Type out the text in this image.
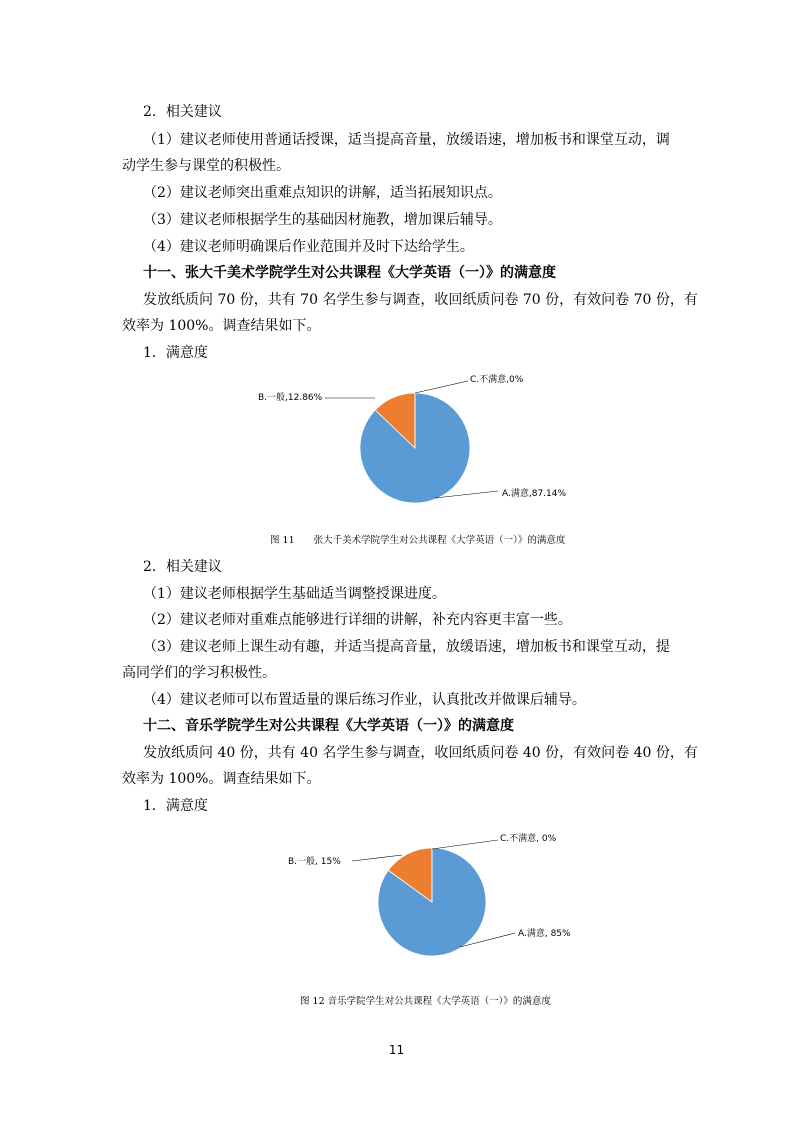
2．相关建议
（1）建议老师使用普通话授课，适当提高音量，放缓语速，增加板书和课堂互动，调
动学生参与课堂的积极性。
（2）建议老师突出重难点知识的讲解，适当拓展知识点。
（3）建议老师根据学生的基础因材施教，增加课后辅导。
（4）建议老师明确课后作业范围并及时下达给学生。
十一、张大千美术学院学生对公共课程《大学英语（一）》的满意度
发放纸质问 70 份，共有 70 名学生参与调查，收回纸质问卷 70 份，有效问卷 70 份，有
效率为 100%。调查结果如下。
1．满意度
B.一般,12.86%
C.不满意,0%
A.满意,87.14%
图 11　　张大千美术学院学生对公共课程《大学英语（一）》的满意度
2．相关建议
（1）建议老师根据学生基础适当调整授课进度。
（2）建议老师对重难点能够进行详细的讲解，补充内容更丰富一些。
（3）建议老师上课生动有趣，并适当提高音量，放缓语速，增加板书和课堂互动，提
高同学们的学习积极性。
（4）建议老师可以布置适量的课后练习作业，认真批改并做课后辅导。
十二、音乐学院学生对公共课程《大学英语（一）》的满意度
发放纸质问 40 份，共有 40 名学生参与调查，收回纸质问卷 40 份，有效问卷 40 份，有
效率为 100%。调查结果如下。
1．满意度
B.一般, 15%
C.不满意, 0%
A.满意, 85%
图 12 音乐学院学生对公共课程《大学英语（一）》的满意度
11
